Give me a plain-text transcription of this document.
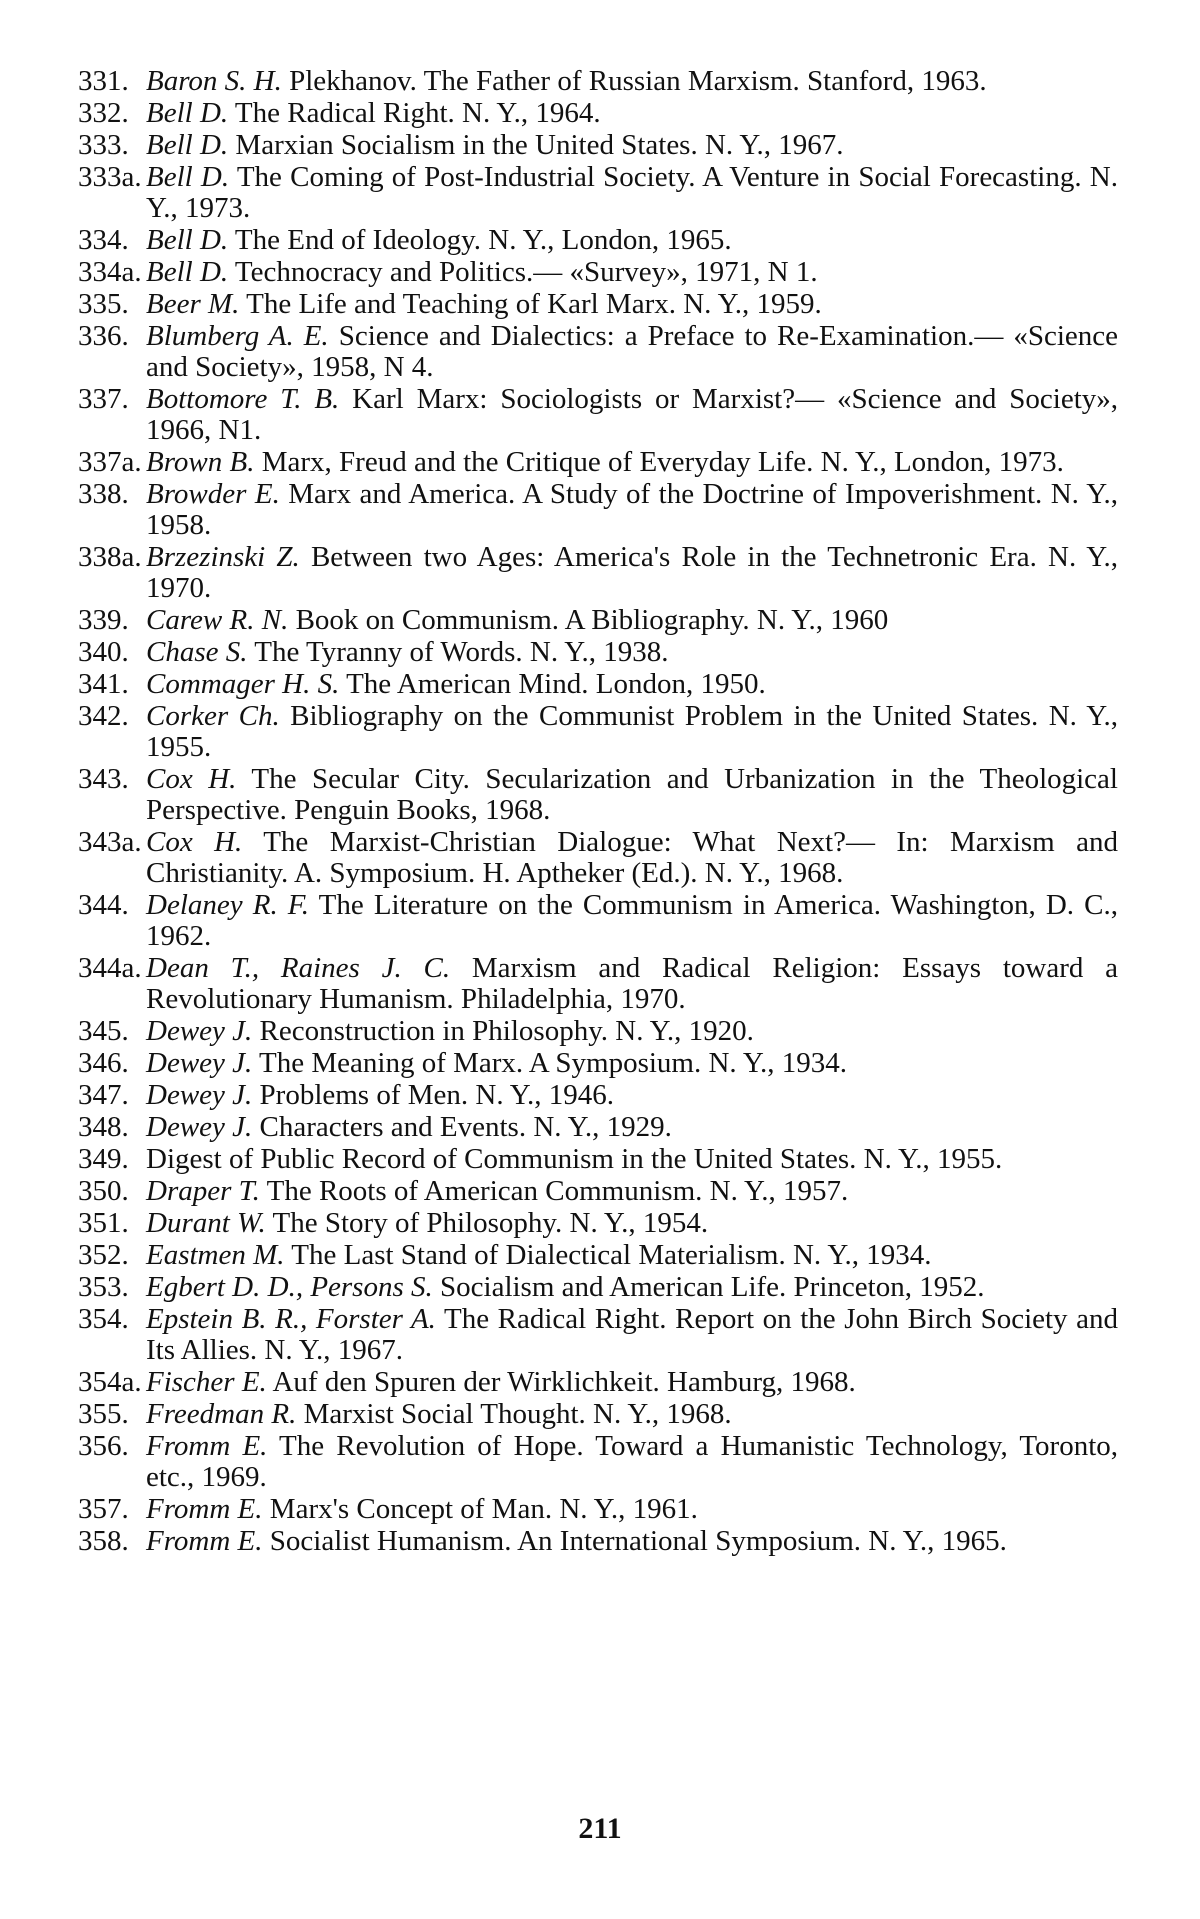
331. Baron S. H. Plekhanov. The Father of Russian Marxism. Stanford, 1963.
332. Bell D. The Radical Right. N. Y., 1964.
333. Bell D. Marxian Socialism in the United States. N. Y., 1967.
333a. Bell D. The Coming of Post-Industrial Society. A Venture in Social Forecasting. N. Y., 1973.
334. Bell D. The End of Ideology. N. Y., London, 1965.
334a. Bell D. Technocracy and Politics.— «Survey», 1971, N 1.
335. Beer M. The Life and Teaching of Karl Marx. N. Y., 1959.
336. Blumberg A. E. Science and Dialectics: a Preface to Re-Examination.— «Science and Society», 1958, N 4.
337. Bottomore T. B. Karl Marx: Sociologists or Marxist?— «Science and Society», 1966, N1.
337a. Brown B. Marx, Freud and the Critique of Everyday Life. N. Y., London, 1973.
338. Browder E. Marx and America. A Study of the Doctrine of Impoverishment. N. Y., 1958.
338a. Brzezinski Z. Between two Ages: America's Role in the Technetronic Era. N. Y., 1970.
339. Carew R. N. Book on Communism. A Bibliography. N. Y., 1960
340. Chase S. The Tyranny of Words. N. Y., 1938.
341. Commager H. S. The American Mind. London, 1950.
342. Corker Ch. Bibliography on the Communist Problem in the United States. N. Y., 1955.
343. Cox H. The Secular City. Secularization and Urbanization in the Theological Perspective. Penguin Books, 1968.
343a. Cox H. The Marxist-Christian Dialogue: What Next?— In: Marxism and Christianity. A. Symposium. H. Aptheker (Ed.). N. Y., 1968.
344. Delaney R. F. The Literature on the Communism in America. Washington, D. C., 1962.
344a. Dean T., Raines J. C. Marxism and Radical Religion: Essays toward a Revolutionary Humanism. Philadelphia, 1970.
345. Dewey J. Reconstruction in Philosophy. N. Y., 1920.
346. Dewey J. The Meaning of Marx. A Symposium. N. Y., 1934.
347. Dewey J. Problems of Men. N. Y., 1946.
348. Dewey J. Characters and Events. N. Y., 1929.
349. Digest of Public Record of Communism in the United States. N. Y., 1955.
350. Draper T. The Roots of American Communism. N. Y., 1957.
351. Durant W. The Story of Philosophy. N. Y., 1954.
352. Eastmen M. The Last Stand of Dialectical Materialism. N. Y., 1934.
353. Egbert D. D., Persons S. Socialism and American Life. Princeton, 1952.
354. Epstein B. R., Forster A. The Radical Right. Report on the John Birch Society and Its Allies. N. Y., 1967.
354a. Fischer E. Auf den Spuren der Wirklichkeit. Hamburg, 1968.
355. Freedman R. Marxist Social Thought. N. Y., 1968.
356. Fromm E. The Revolution of Hope. Toward a Humanistic Technology, Toronto, etc., 1969.
357. Fromm E. Marx's Concept of Man. N. Y., 1961.
358. Fromm E. Socialist Humanism. An International Symposium. N. Y., 1965.
211
